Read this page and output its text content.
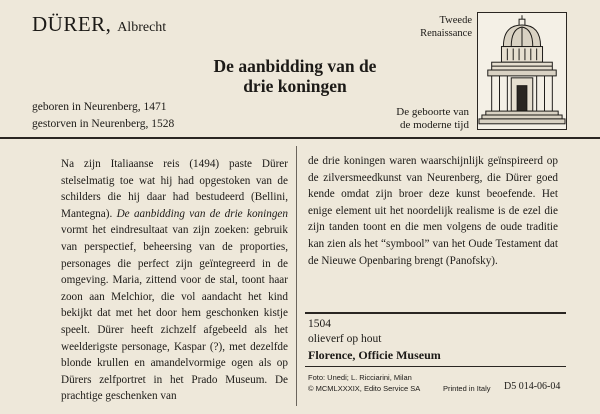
DÜRER, Albrecht	Tweede
Renaissance
De aanbidding van de
drie koningen
geboren in Neurenberg, 1471
gestorven in Neurenberg, 1528
De geboorte van
de moderne tijd
Na zijn Italiaanse reis (1494) paste Dürer stelselmatig toe wat hij had opgestoken van de schilders die hij daar had bestudeerd (Bellini, Mantegna). De aanbidding van de drie koningen vormt het eindresultaat van zijn zoeken: gebruik van perspectief, beheersing van de proporties, personages die perfect zijn geïntegreerd in de omgeving. Maria, zittend voor de stal, toont haar zoon aan Melchior, die vol aandacht het kind bekijkt dat met het door hem geschonken kistje speelt. Dürer heeft zichzelf afgebeeld als het weelderigste personage, Kaspar (?), met dezelfde blonde krullen en amandelvormige ogen als op Dürers zelfportret in het Prado Museum. De prachtige geschenken van
de drie koningen waren waarschijnlijk geïnspireerd op de zilversmeedkunst van Neurenberg, die Dürer goed kende omdat zijn broer deze kunst beoefende. Het enige element uit het noordelijk realisme is de ezel die zijn tanden toont en die men volgens de oude traditie kan zien als het “symbool” van het Oude Testament dat de Nieuwe Openbaring brengt (Panofsky).
1504
olieverf op hout
Florence, Officie Museum
Foto: Unedi; L. Ricciarini, Milan
© MCMLXXXIX, Edito Service SA	Printed in Italy D5 014-06-04
